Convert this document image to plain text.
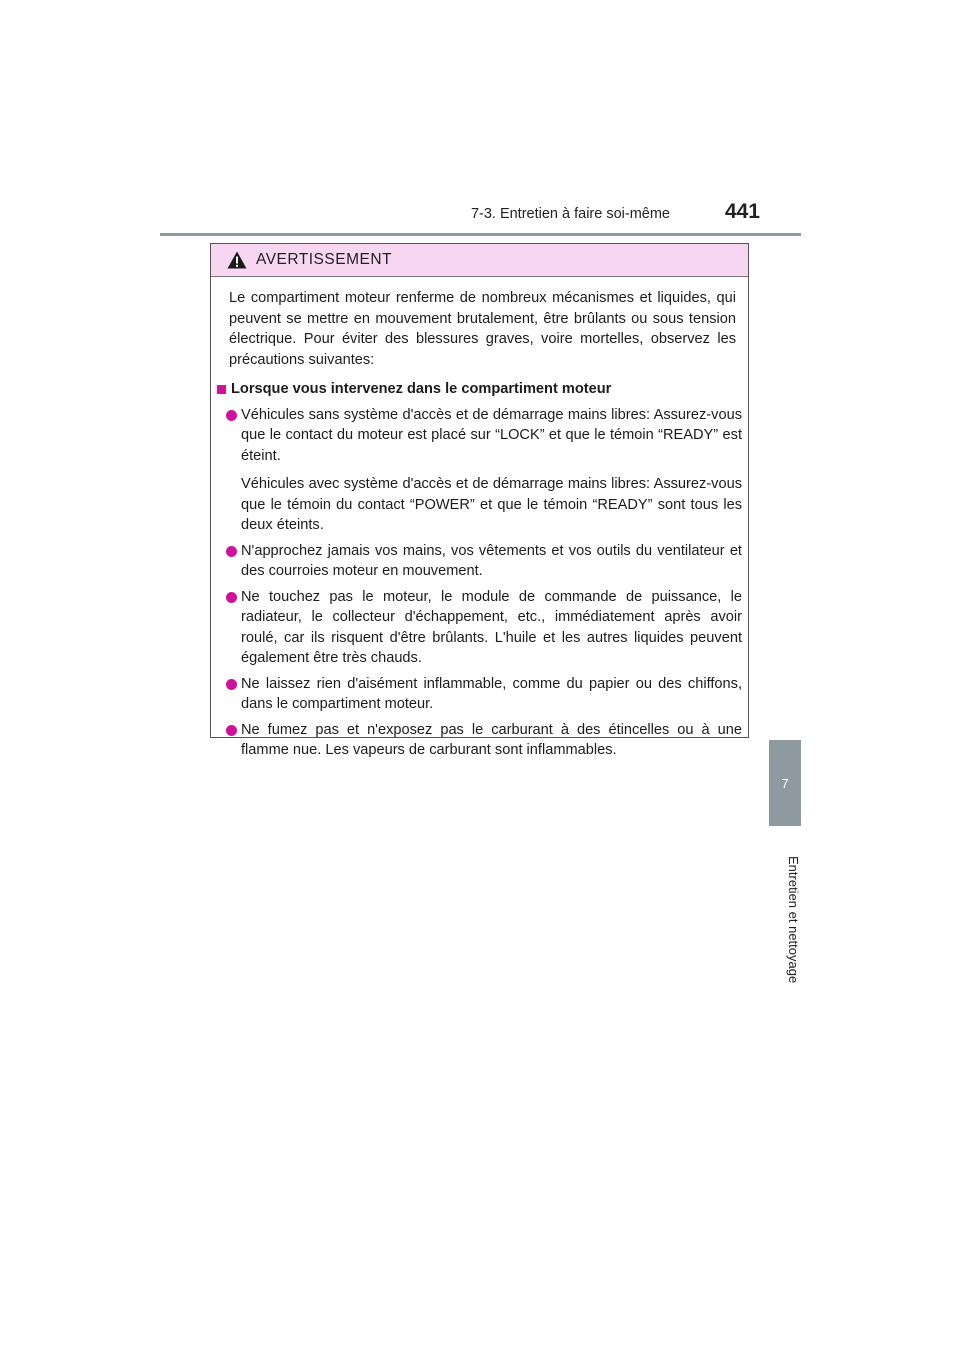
7-3. Entretien à faire soi-même	441
7
Entretien et nettoyage
AVERTISSEMENT

Le compartiment moteur renferme de nombreux mécanismes et liquides, qui peuvent se mettre en mouvement brutalement, être brûlants ou sous tension électrique. Pour éviter des blessures graves, voire mortelles, observez les précautions suivantes:

Lorsque vous intervenez dans le compartiment moteur

Véhicules sans système d'accès et de démarrage mains libres: Assurez-vous que le contact du moteur est placé sur “LOCK” et que le témoin “READY” est éteint.

Véhicules avec système d'accès et de démarrage mains libres: Assurez-vous que le témoin du contact “POWER” et que le témoin “READY” sont tous les deux éteints.

N'approchez jamais vos mains, vos vêtements et vos outils du ventilateur et des courroies moteur en mouvement.

Ne touchez pas le moteur, le module de commande de puissance, le radiateur, le collecteur d'échappement, etc., immédiatement après avoir roulé, car ils risquent d'être brûlants. L'huile et les autres liquides peuvent également être très chauds.

Ne laissez rien d'aisément inflammable, comme du papier ou des chiffons, dans le compartiment moteur.

Ne fumez pas et n'exposez pas le carburant à des étincelles ou à une flamme nue. Les vapeurs de carburant sont inflammables.
